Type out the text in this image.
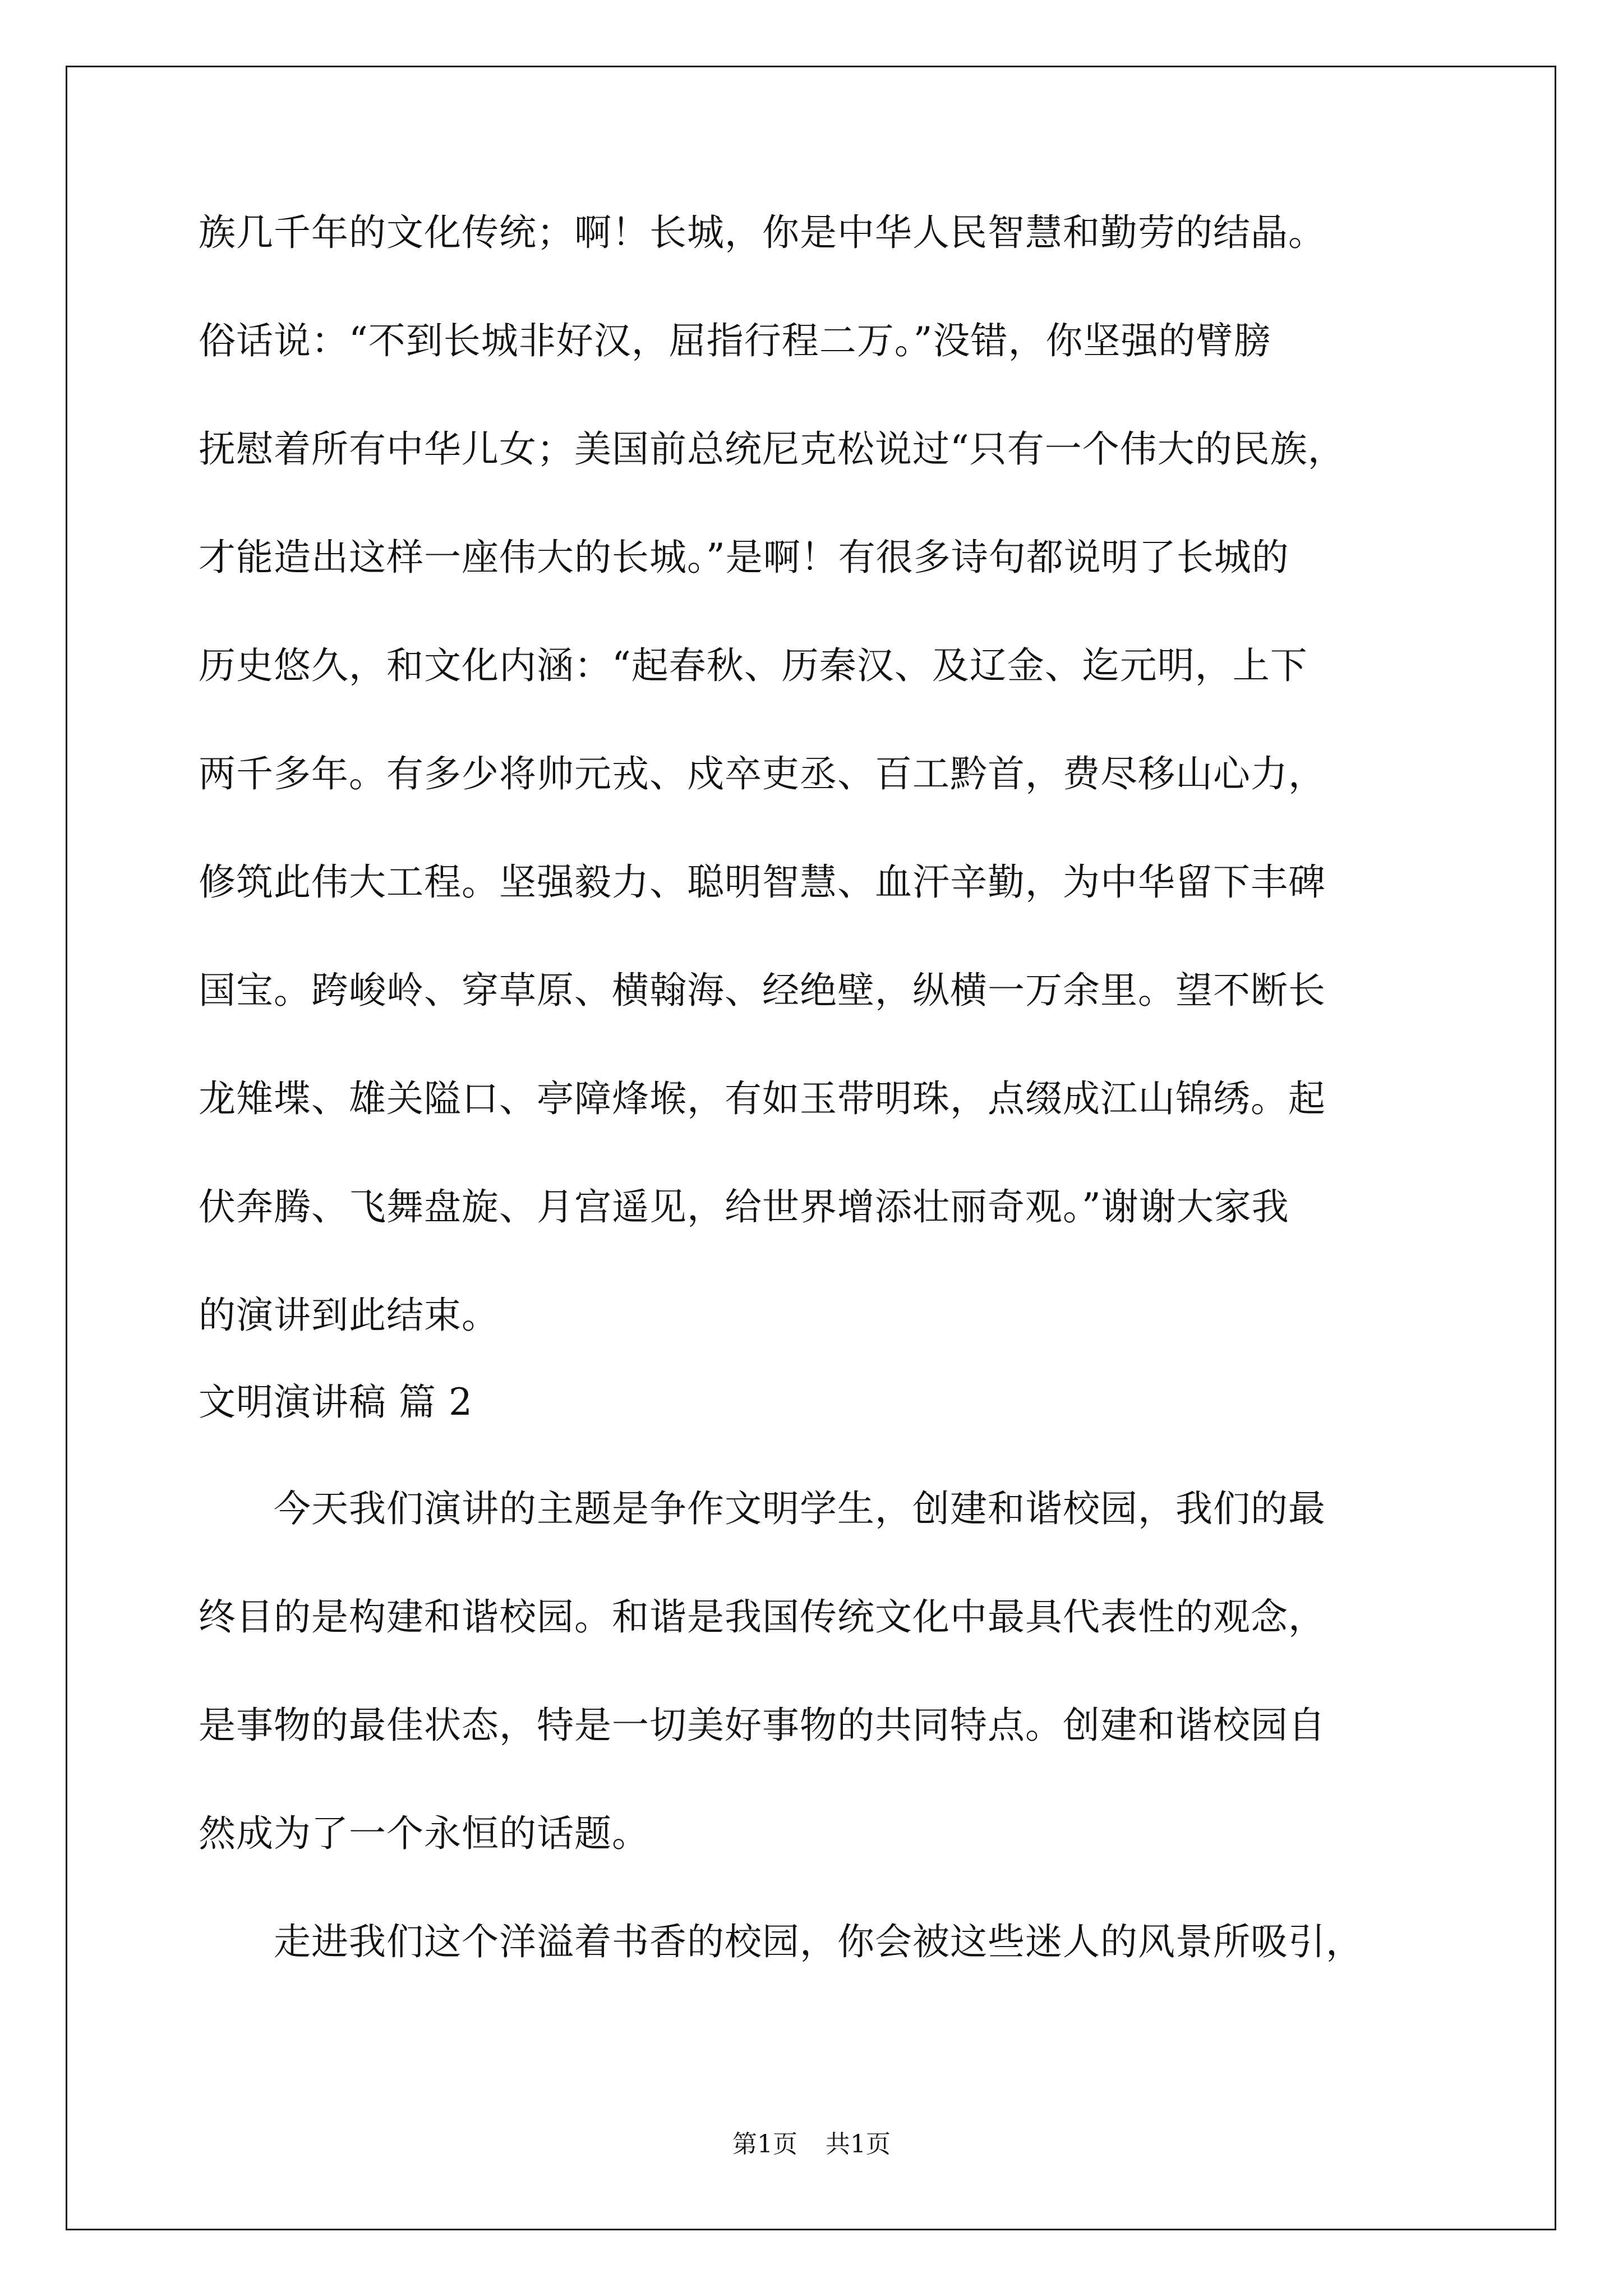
族几千年的文化传统；啊！长城，你是中华人民智慧和勤劳的结晶。
俗话说：“不到长城非好汉，屈指行程二万。”没错，你坚强的臂膀
抚慰着所有中华儿女；美国前总统尼克松说过“只有一个伟大的民族，
才能造出这样一座伟大的长城。”是啊！有很多诗句都说明了长城的
历史悠久，和文化内涵：“起春秋、历秦汉、及辽金、迄元明，上下
两千多年。有多少将帅元戎、戍卒吏丞、百工黔首，费尽移山心力，
修筑此伟大工程。坚强毅力、聪明智慧、血汗辛勤，为中华留下丰碑
国宝。跨峻岭、穿草原、横翰海、经绝壁，纵横一万余里。望不断长
龙雉堞、雄关隘口、亭障烽堠，有如玉带明珠，点缀成江山锦绣。起
伏奔腾、飞舞盘旋、月宫遥见，给世界增添壮丽奇观。”谢谢大家我
的演讲到此结束。
文明演讲稿 篇 2
今天我们演讲的主题是争作文明学生，创建和谐校园，我们的最
终目的是构建和谐校园。和谐是我国传统文化中最具代表性的观念，
是事物的最佳状态，特是一切美好事物的共同特点。创建和谐校园自
然成为了一个永恒的话题。
走进我们这个洋溢着书香的校园，你会被这些迷人的风景所吸引，
第1页 共1页
